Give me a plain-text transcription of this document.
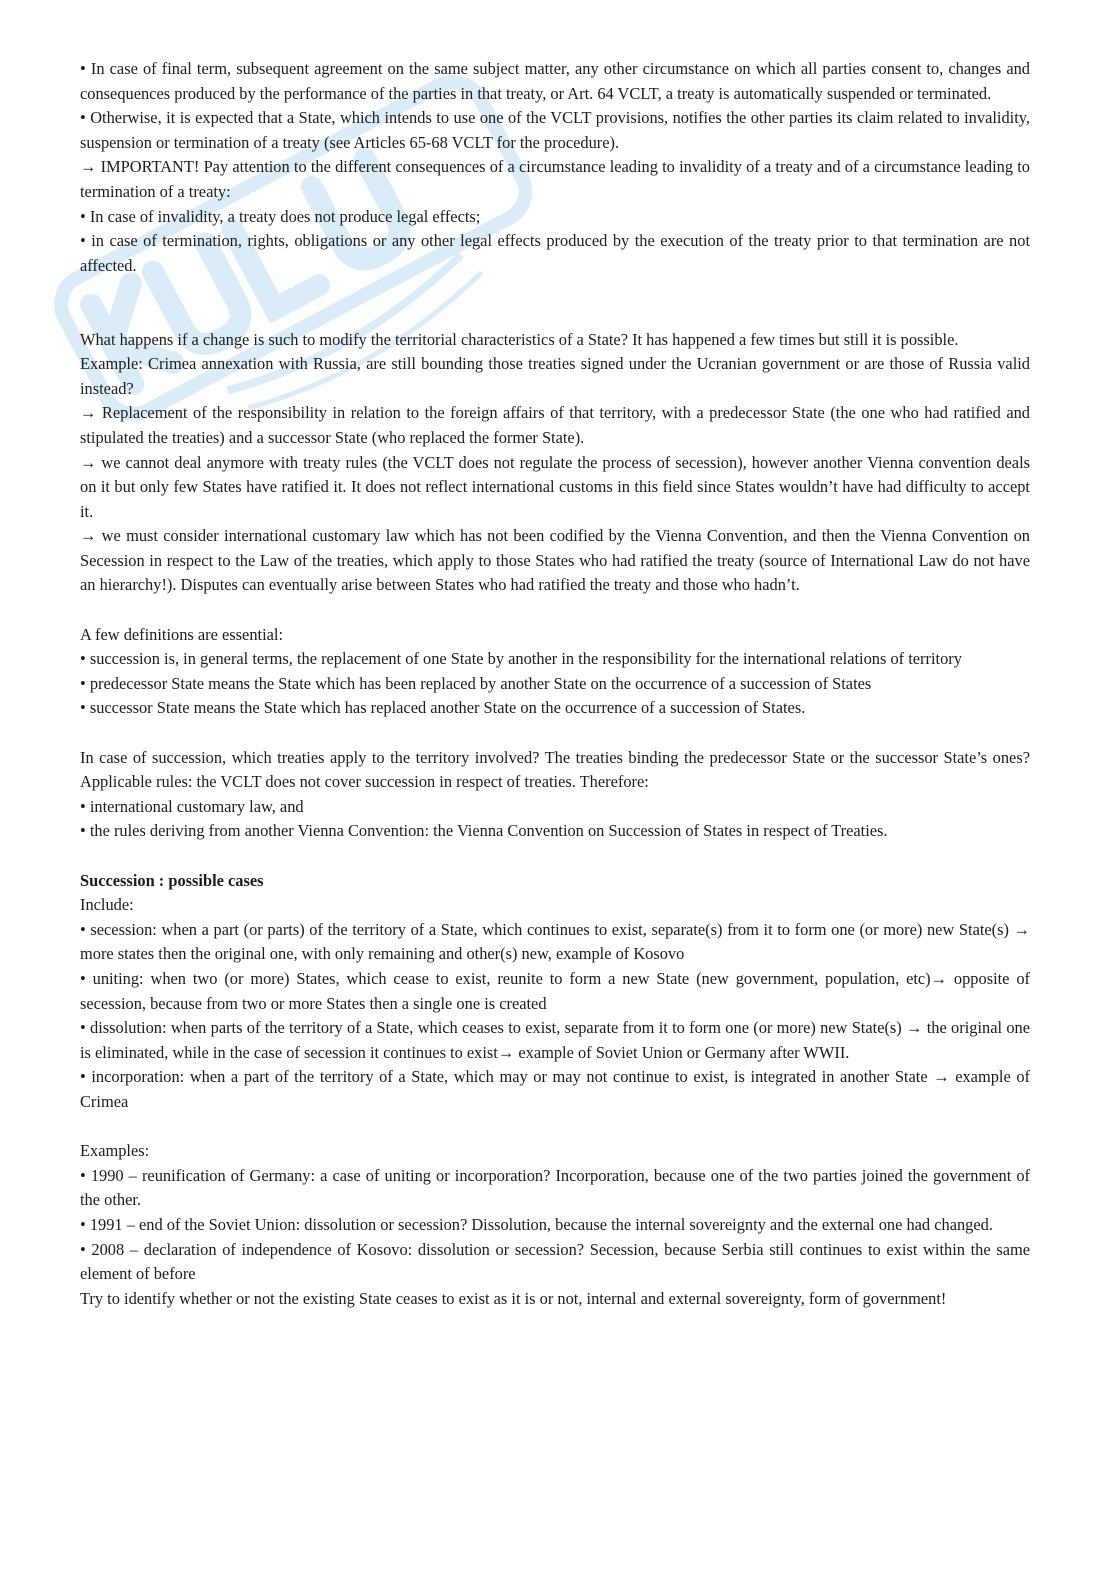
• In case of final term, subsequent agreement on the same subject matter, any other circumstance on which all parties consent to, changes and consequences produced by the performance of the parties in that treaty, or Art. 64 VCLT, a treaty is automatically suspended or terminated.

• Otherwise, it is expected that a State, which intends to use one of the VCLT provisions, notifies the other parties its claim related to invalidity, suspension or termination of a treaty (see Articles 65-68 VCLT for the procedure).

→ IMPORTANT! Pay attention to the different consequences of a circumstance leading to invalidity of a treaty and of a circumstance leading to termination of a treaty:

• In case of invalidity, a treaty does not produce legal effects;

• in case of termination, rights, obligations or any other legal effects produced by the execution of the treaty prior to that termination are not affected.

What happens if a change is such to modify the territorial characteristics of a State? It has happened a few times but still it is possible.

Example: Crimea annexation with Russia, are still bounding those treaties signed under the Ucranian government or are those of Russia valid instead?

→ Replacement of the responsibility in relation to the foreign affairs of that territory, with a predecessor State (the one who had ratified and stipulated the treaties) and a successor State (who replaced the former State).

→ we cannot deal anymore with treaty rules (the VCLT does not regulate the process of secession), however another Vienna convention deals on it but only few States have ratified it. It does not reflect international customs in this field since States wouldn’t have had difficulty to accept it.

→ we must consider international customary law which has not been codified by the Vienna Convention, and then the Vienna Convention on Secession in respect to the Law of the treaties, which apply to those States who had ratified the treaty (source of International Law do not have an hierarchy!). Disputes can eventually arise between States who had ratified the treaty and those who hadn’t.

A few definitions are essential:

• succession is, in general terms, the replacement of one State by another in the responsibility for the international relations of territory

• predecessor State means the State which has been replaced by another State on the occurrence of a succession of States

• successor State means the State which has replaced another State on the occurrence of a succession of States.

In case of succession, which treaties apply to the territory involved? The treaties binding the predecessor State or the successor State’s ones? Applicable rules: the VCLT does not cover succession in respect of treaties. Therefore:

• international customary law, and

• the rules deriving from another Vienna Convention: the Vienna Convention on Succession of States in respect of Treaties.

Succession : possible cases

Include:

• secession: when a part (or parts) of the territory of a State, which continues to exist, separate(s) from it to form one (or more) new State(s) → more states then the original one, with only remaining and other(s) new, example of Kosovo

• uniting: when two (or more) States, which cease to exist, reunite to form a new State (new government, population, etc)→ opposite of secession, because from two or more States then a single one is created

• dissolution: when parts of the territory of a State, which ceases to exist, separate from it to form one (or more) new State(s) → the original one is eliminated, while in the case of secession it continues to exist→ example of Soviet Union or Germany after WWII.

• incorporation: when a part of the territory of a State, which may or may not continue to exist, is integrated in another State → example of Crimea

Examples:

• 1990 – reunification of Germany: a case of uniting or incorporation? Incorporation, because one of the two parties joined the government of the other.

• 1991 – end of the Soviet Union: dissolution or secession? Dissolution, because the internal sovereignty and the external one had changed.

• 2008 – declaration of independence of Kosovo: dissolution or secession? Secession, because Serbia still continues to exist within the same element of before

Try to identify whether or not the existing State ceases to exist as it is or not, internal and external sovereignty, form of government!
